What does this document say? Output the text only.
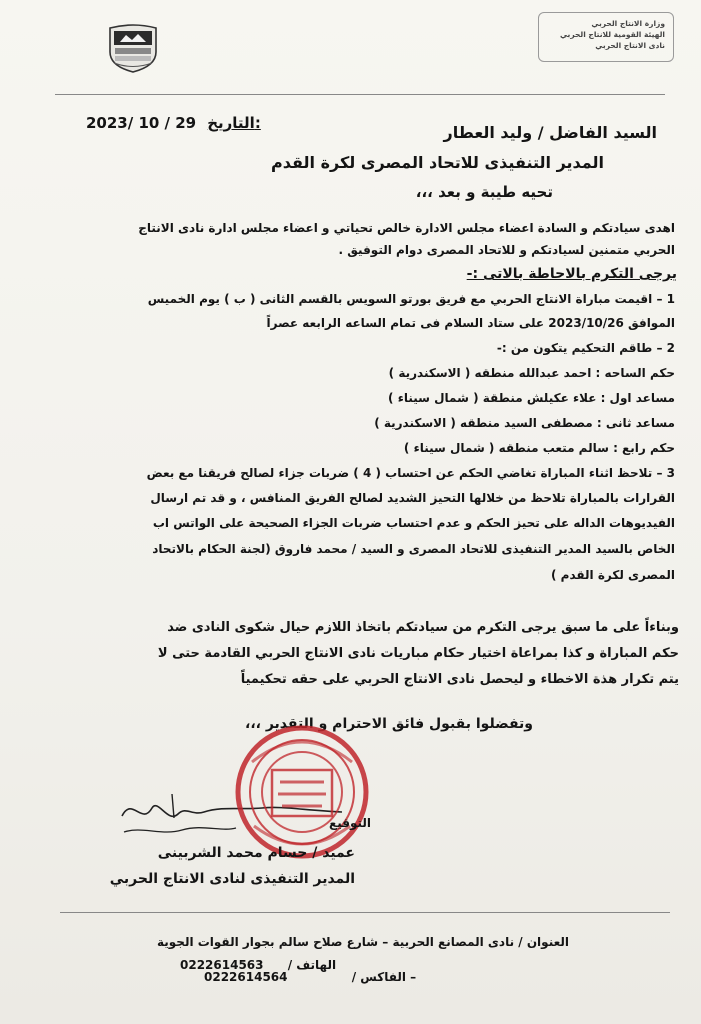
وزارة الانتاج الحربي
الهيئة القومية للانتاج الحربي
نادى الانتاج الحربي
2023/ 10 / 29 التاريخ:	السيد الفاضل / وليد العطار
المدير التنفيذى للاتحاد المصرى لكرة القدم
تحيه طيبة و بعد ،،،
اهدى سيادتكم و السادة اعضاء مجلس الادارة خالص تحياتي و اعضاء مجلس ادارة نادى الانتاج
الحربي متمنين لسيادتكم و للاتحاد المصرى دوام التوفيق .
يرجى التكرم بالاحاطة بالاتى :-
1 – اقيمت مباراة الانتاج الحربي مع فريق بورتو السويس بالقسم الثانى ( ب ) يوم الخميس
الموافق 2023/10/26 على ستاد السلام فى تمام الساعه الرابعه عصراً
2 – طاقم التحكيم يتكون من :-
حكم الساحه : احمد عبدالله منطقه ( الاسكندرية )
مساعد اول : علاء عكيلش منطقة ( شمال سيناء )
مساعد ثانى : مصطفى السيد منطقه ( الاسكندرية )
حكم رابع : سالم متعب منطقه ( شمال سيناء )
3 – تلاحظ اثناء المباراة تغاضي الحكم عن احتساب ( 4 ) ضربات جزاء لصالح فريقنا مع بعض
القرارات بالمباراة تلاحظ من خلالها التحيز الشديد لصالح الفريق المنافس ، و قد تم ارسال
الفيديوهات الداله على تحيز الحكم و عدم احتساب ضربات الجزاء الصحيحة على الواتس اب
الخاص بالسيد المدير التنفيذى للاتحاد المصرى و السيد / محمد فاروق (لجنة الحكام بالاتحاد
المصرى لكرة القدم )
وبناءاً على ما سبق يرجى التكرم من سيادتكم باتخاذ اللازم حيال شكوى النادى ضد
حكم المباراة و كذا بمراعاة اختيار حكام مباريات نادى الانتاج الحربي القادمة حتى لا
يتم تكرار هذة الاخطاء و ليحصل نادى الانتاج الحربي على حقه تحكيمياً
وتفضلوا بقبول فائق الاحترام و التقدير ،،،
التوقيع
عميد / حسام محمد الشربينى
المدير التنفيذى لنادى الانتاج الحربي
العنوان / نادى المصانع الحربية – شارع صلاح سالم بجوار القوات الجوية
الهاتف / 0222614563
– الفاكس / 0222614564
